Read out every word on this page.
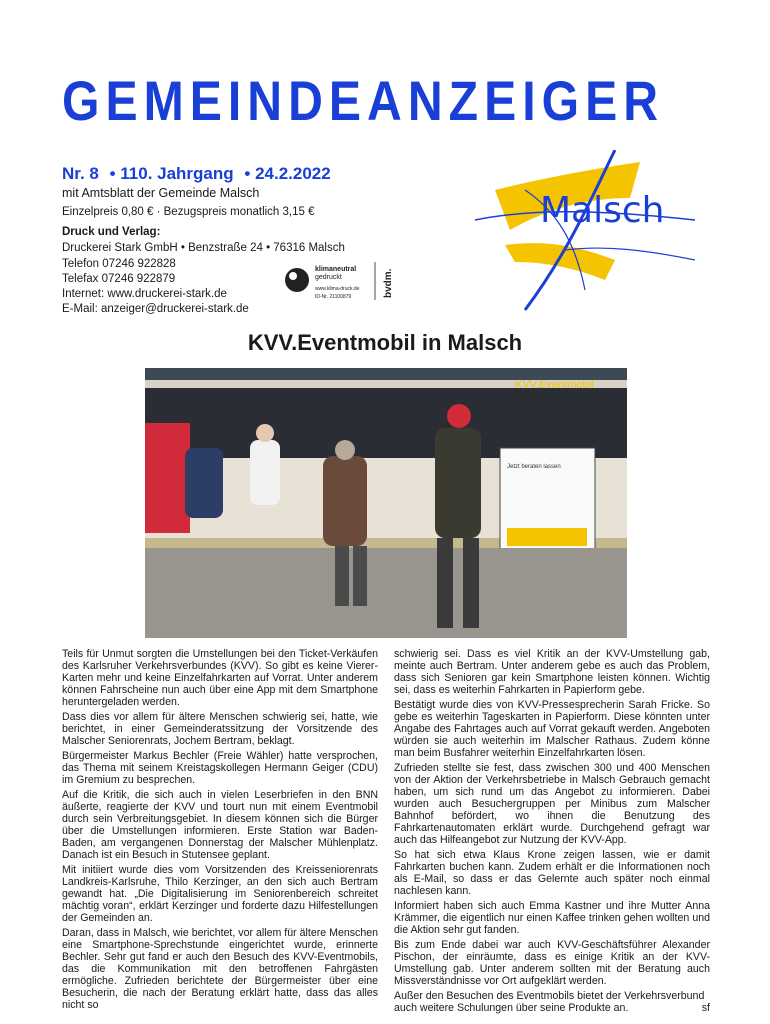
GEMEINDEANZEIGER
Nr. 8 • 110. Jahrgang • 24.2.2022
mit Amtsblatt der Gemeinde Malsch
Einzelpreis 0,80 € · Bezugspreis monatlich 3,15 €
Druck und Verlag:
Druckerei Stark GmbH • Benzstraße 24 • 76316 Malsch
Telefon 07246 922828
Telefax 07246 922879
Internet: www.druckerei-stark.de
E-Mail: anzeiger@druckerei-stark.de
klimaneutral
gedruckt
www.klima-druck.de
ID-Nr. 21100879	bvdm.
Malsch
KVV.Eventmobil in Malsch
KVV.Eventmobil
Jetzt beraten lassen

Teils für Unmut sorgten die Umstellungen bei den Ticket-Verkäufen des Karlsruher Verkehrsverbundes (KVV). So gibt es keine Vierer-Karten mehr und keine Einzelfahrkarten auf Vorrat. Unter anderem können Fahrscheine nun auch über eine App mit dem Smartphone heruntergeladen werden.

Dass dies vor allem für ältere Menschen schwierig sei, hatte, wie berichtet, in einer Gemeinderatssitzung der Vorsitzende des Malscher Seniorenrats, Jochem Bertram, beklagt.

Bürgermeister Markus Bechler (Freie Wähler) hatte versprochen, das Thema mit seinem Kreistagskollegen Hermann Geiger (CDU) im Gremium zu besprechen.

Auf die Kritik, die sich auch in vielen Leserbriefen in den BNN äußerte, reagierte der KVV und tourt nun mit einem Eventmobil durch sein Verbreitungsgebiet. In diesem können sich die Bürger über die Umstellungen informieren. Erste Station war Baden-Baden, am vergangenen Donnerstag der Malscher Mühlenplatz. Danach ist ein Besuch in Stutensee geplant.

Mit initiiert wurde dies vom Vorsitzenden des Kreisseniorenrats Landkreis-Karlsruhe, Thilo Kerzinger, an den sich auch Bertram gewandt hat. „Die Digitalisierung im Seniorenbereich schreitet mächtig voran“, erklärt Kerzinger und forderte dazu Hilfestellungen der Gemeinden an.

Daran, dass in Malsch, wie berichtet, vor allem für ältere Menschen eine Smartphone-Sprechstunde eingerichtet wurde, erinnerte Bechler. Sehr gut fand er auch den Besuch des KVV-Eventmobils, das die Kommunikation mit den betroffenen Fahrgästen ermögliche. Zufrieden berichtete der Bürgermeister über eine Besucherin, die nach der Beratung erklärt hatte, dass das alles nicht so

schwierig sei. Dass es viel Kritik an der KVV-Umstellung gab, meinte auch Bertram. Unter anderem gebe es auch das Problem, dass sich Senioren gar kein Smartphone leisten können. Wichtig sei, dass es weiterhin Fahrkarten in Papierform gebe.

Bestätigt wurde dies von KVV-Pressesprecherin Sarah Fricke. So gebe es weiterhin Tageskarten in Papierform. Diese könnten unter Angabe des Fahrtages auch auf Vorrat gekauft werden. Angeboten würden sie auch weiterhin im Malscher Rathaus. Zudem könne man beim Busfahrer weiterhin Einzelfahrkarten lösen.

Zufrieden stellte sie fest, dass zwischen 300 und 400 Menschen von der Aktion der Verkehrsbetriebe in Malsch Gebrauch gemacht haben, um sich rund um das Angebot zu informieren. Dabei wurden auch Besuchergruppen per Minibus zum Malscher Bahnhof befördert, wo ihnen die Benutzung des Fahrkartenautomaten erklärt wurde. Durchgehend gefragt war auch das Hilfeangebot zur Nutzung der KVV-App.

So hat sich etwa Klaus Krone zeigen lassen, wie er damit Fahrkarten buchen kann. Zudem erhält er die Informationen noch als E-Mail, so dass er das Gelernte auch später noch einmal nachlesen kann.

Informiert haben sich auch Emma Kastner und ihre Mutter Anna Krämmer, die eigentlich nur einen Kaffee trinken gehen wollten und die Aktion sehr gut fanden.

Bis zum Ende dabei war auch KVV-Geschäftsführer Alexander Pischon, der einräumte, dass es einige Kritik an der KVV-Umstellung gab. Unter anderem sollten mit der Beratung auch Missverständnisse vor Ort aufgeklärt werden.

Außer den Besuchen des Eventmobils bietet der Verkehrsverbund auch weitere Schulungen über seine Produkte an.	sf
